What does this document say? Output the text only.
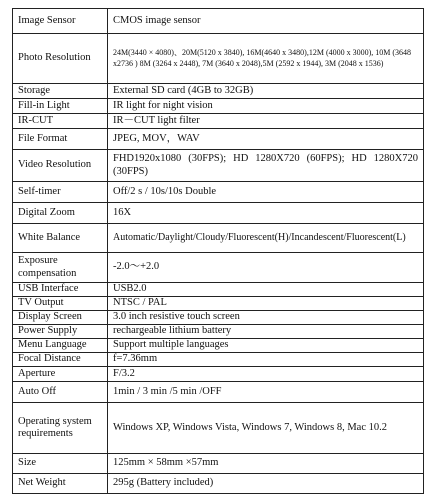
Image Sensor	CMOS image sensor
Photo Resolution	24M(3440 × 4080)、20M(5120 x 3840), 16M(4640 x 3480),12M (4000 x 3000), 10M (3648 x2736 ) 8M (3264 x 2448), 7M (3640 x 2048),5M (2592 x 1944), 3M (2048 x 1536)
Storage	External SD card (4GB to 32GB)
Fill-in Light	IR light for night vision
IR-CUT	IR－CUT light filter
File Format	JPEG, MOV，WAV
Video Resolution	FHD1920x1080 (30FPS); HD 1280X720 (60FPS); HD 1280X720 (30FPS)
Self-timer	Off/2 s / 10s/10s Double
Digital Zoom	16X
White Balance	Automatic/Daylight/Cloudy/Fluorescent(H)/Incandescent/Fluorescent(L)
Exposure compensation	-2.0～+2.0
USB Interface	USB2.0
TV Output	NTSC / PAL
Display Screen	3.0 inch resistive touch screen
Power Supply	rechargeable lithium battery
Menu Language	Support multiple languages
Focal Distance	f=7.36mm
Aperture	F/3.2
Auto Off	1min / 3 min /5 min /OFF
Operating system requirements	Windows XP, Windows Vista, Windows 7, Windows 8, Mac 10.2
Size	125mm × 58mm ×57mm
Net Weight	295g (Battery included)
